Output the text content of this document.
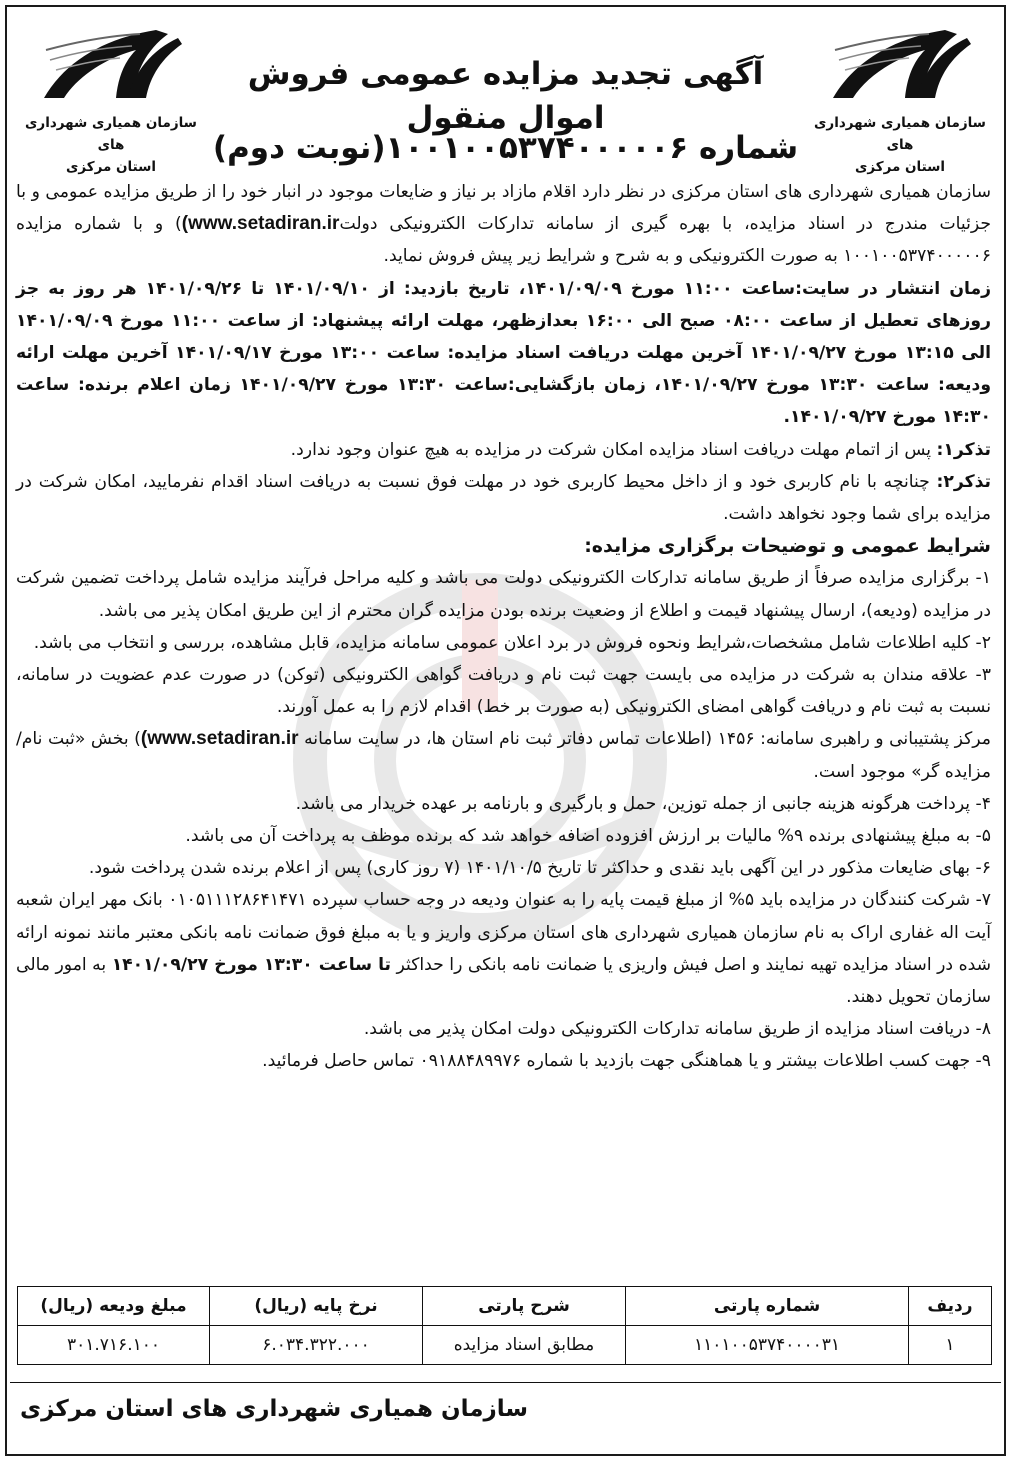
سازمان همیاری شهرداری های
استان مرکزی
آگهی تجدید مزایده عمومی فروش اموال منقول
شماره ۱۰۰۱۰۰۵۳۷۴۰۰۰۰۰۶(نوبت دوم)
سازمان همیاری شهرداری های
استان مرکزی

سازمان همیاری شهرداری های استان مرکزی در نظر دارد اقلام مازاد بر نیاز و ضایعات موجود در انبار خود را از طریق مزایده عمومی و با جزئیات مندرج در اسناد مزایده، با بهره گیری از سامانه تدارکات الکترونیکی دولت(www.setadiran.ir) و با شماره مزایده ۱۰۰۱۰۰۵۳۷۴۰۰۰۰۰۶ به صورت الکترونیکی و به شرح و شرایط زیر پیش فروش نماید.

زمان انتشار در سایت:ساعت ۱۱:۰۰ مورخ ۱۴۰۱/۰۹/۰۹، تاریخ بازدید: از ۱۴۰۱/۰۹/۱۰ تا ۱۴۰۱/۰۹/۲۶ هر روز به جز روزهای تعطیل از ساعت ۰۸:۰۰ صبح الی ۱۶:۰۰ بعدازظهر، مهلت ارائه پیشنهاد: از ساعت ۱۱:۰۰ مورخ ۱۴۰۱/۰۹/۰۹ الی ۱۳:۱۵ مورخ ۱۴۰۱/۰۹/۲۷ آخرین مهلت دریافت اسناد مزایده: ساعت ۱۳:۰۰ مورخ ۱۴۰۱/۰۹/۱۷ آخرین مهلت ارائه ودیعه: ساعت ۱۳:۳۰ مورخ ۱۴۰۱/۰۹/۲۷، زمان بازگشایی:ساعت ۱۳:۳۰ مورخ ۱۴۰۱/۰۹/۲۷ زمان اعلام برنده: ساعت ۱۴:۳۰ مورخ ۱۴۰۱/۰۹/۲۷.

تذکر۱: پس از اتمام مهلت دریافت اسناد مزایده امکان شرکت در مزایده به هیچ عنوان وجود ندارد.

تذکر۲: چنانچه با نام کاربری خود و از داخل محیط کاربری خود در مهلت فوق نسبت به دریافت اسناد اقدام نفرمایید، امکان شرکت در مزایده برای شما وجود نخواهد داشت.

شرایط عمومی و توضیحات برگزاری مزایده:

۱- برگزاری مزایده صرفاً از طریق سامانه تدارکات الکترونیکی دولت می باشد و کلیه مراحل فرآیند مزایده شامل پرداخت تضمین شرکت در مزایده (ودیعه)، ارسال پیشنهاد قیمت و اطلاع از وضعیت برنده بودن مزایده گران محترم از این طریق امکان پذیر می باشد.

۲- کلیه اطلاعات شامل مشخصات،شرایط ونحوه فروش در برد اعلان عمومی سامانه مزایده، قابل مشاهده، بررسی و انتخاب می باشد.

۳- علاقه مندان به شرکت در مزایده می بایست جهت ثبت نام و دریافت گواهی الکترونیکی (توکن) در صورت عدم عضویت در سامانه، نسبت به ثبت نام و دریافت گواهی امضای الکترونیکی (به صورت بر خط) اقدام لازم را به عمل آورند.

مرکز پشتیبانی و راهبری سامانه: ۱۴۵۶ (اطلاعات تماس دفاتر ثبت نام استان ها، در سایت سامانه (www.setadiran.ir) بخش «ثبت نام/ مزایده گر» موجود است.

۴- پرداخت هرگونه هزینه جانبی از جمله توزین، حمل و بارگیری و بارنامه بر عهده خریدار می باشد.

۵- به مبلغ پیشنهادی برنده ۹% مالیات بر ارزش افزوده اضافه خواهد شد که برنده موظف به پرداخت آن می باشد.

۶- بهای ضایعات مذکور در این آگهی باید نقدی و حداکثر تا تاریخ ۱۴۰۱/۱۰/۵ (۷ روز کاری) پس از اعلام برنده شدن پرداخت شود.

۷- شرکت کنندگان در مزایده باید ۵% از مبلغ قیمت پایه را به عنوان ودیعه در وجه حساب سپرده ۰۱۰۵۱۱۱۲۸۶۴۱۴۷۱ بانک مهر ایران شعبه آیت اله غفاری اراک به نام سازمان همیاری شهرداری های استان مرکزی واریز و یا به مبلغ فوق ضمانت نامه بانکی معتبر مانند نمونه ارائه شده در اسناد مزایده تهیه نمایند و اصل فیش واریزی یا ضمانت نامه بانکی را حداکثر تا ساعت ۱۳:۳۰ مورخ ۱۴۰۱/۰۹/۲۷ به امور مالی سازمان تحویل دهند.

۸- دریافت اسناد مزایده از طریق سامانه تدارکات الکترونیکی دولت امکان پذیر می باشد.

۹- جهت کسب اطلاعات بیشتر و یا هماهنگی جهت بازدید با شماره ۰۹۱۸۸۴۸۹۹۷۶ تماس حاصل فرمائید.

ردیف	شماره پارتی	شرح پارتی	نرخ پایه (ریال)	مبلغ ودیعه (ریال)
۱	۱۱۰۱۰۰۵۳۷۴۰۰۰۰۳۱	مطابق اسناد مزایده	۶.۰۳۴.۳۲۲.۰۰۰	۳۰۱.۷۱۶.۱۰۰
سازمان همیاری شهرداری های استان مرکزی
